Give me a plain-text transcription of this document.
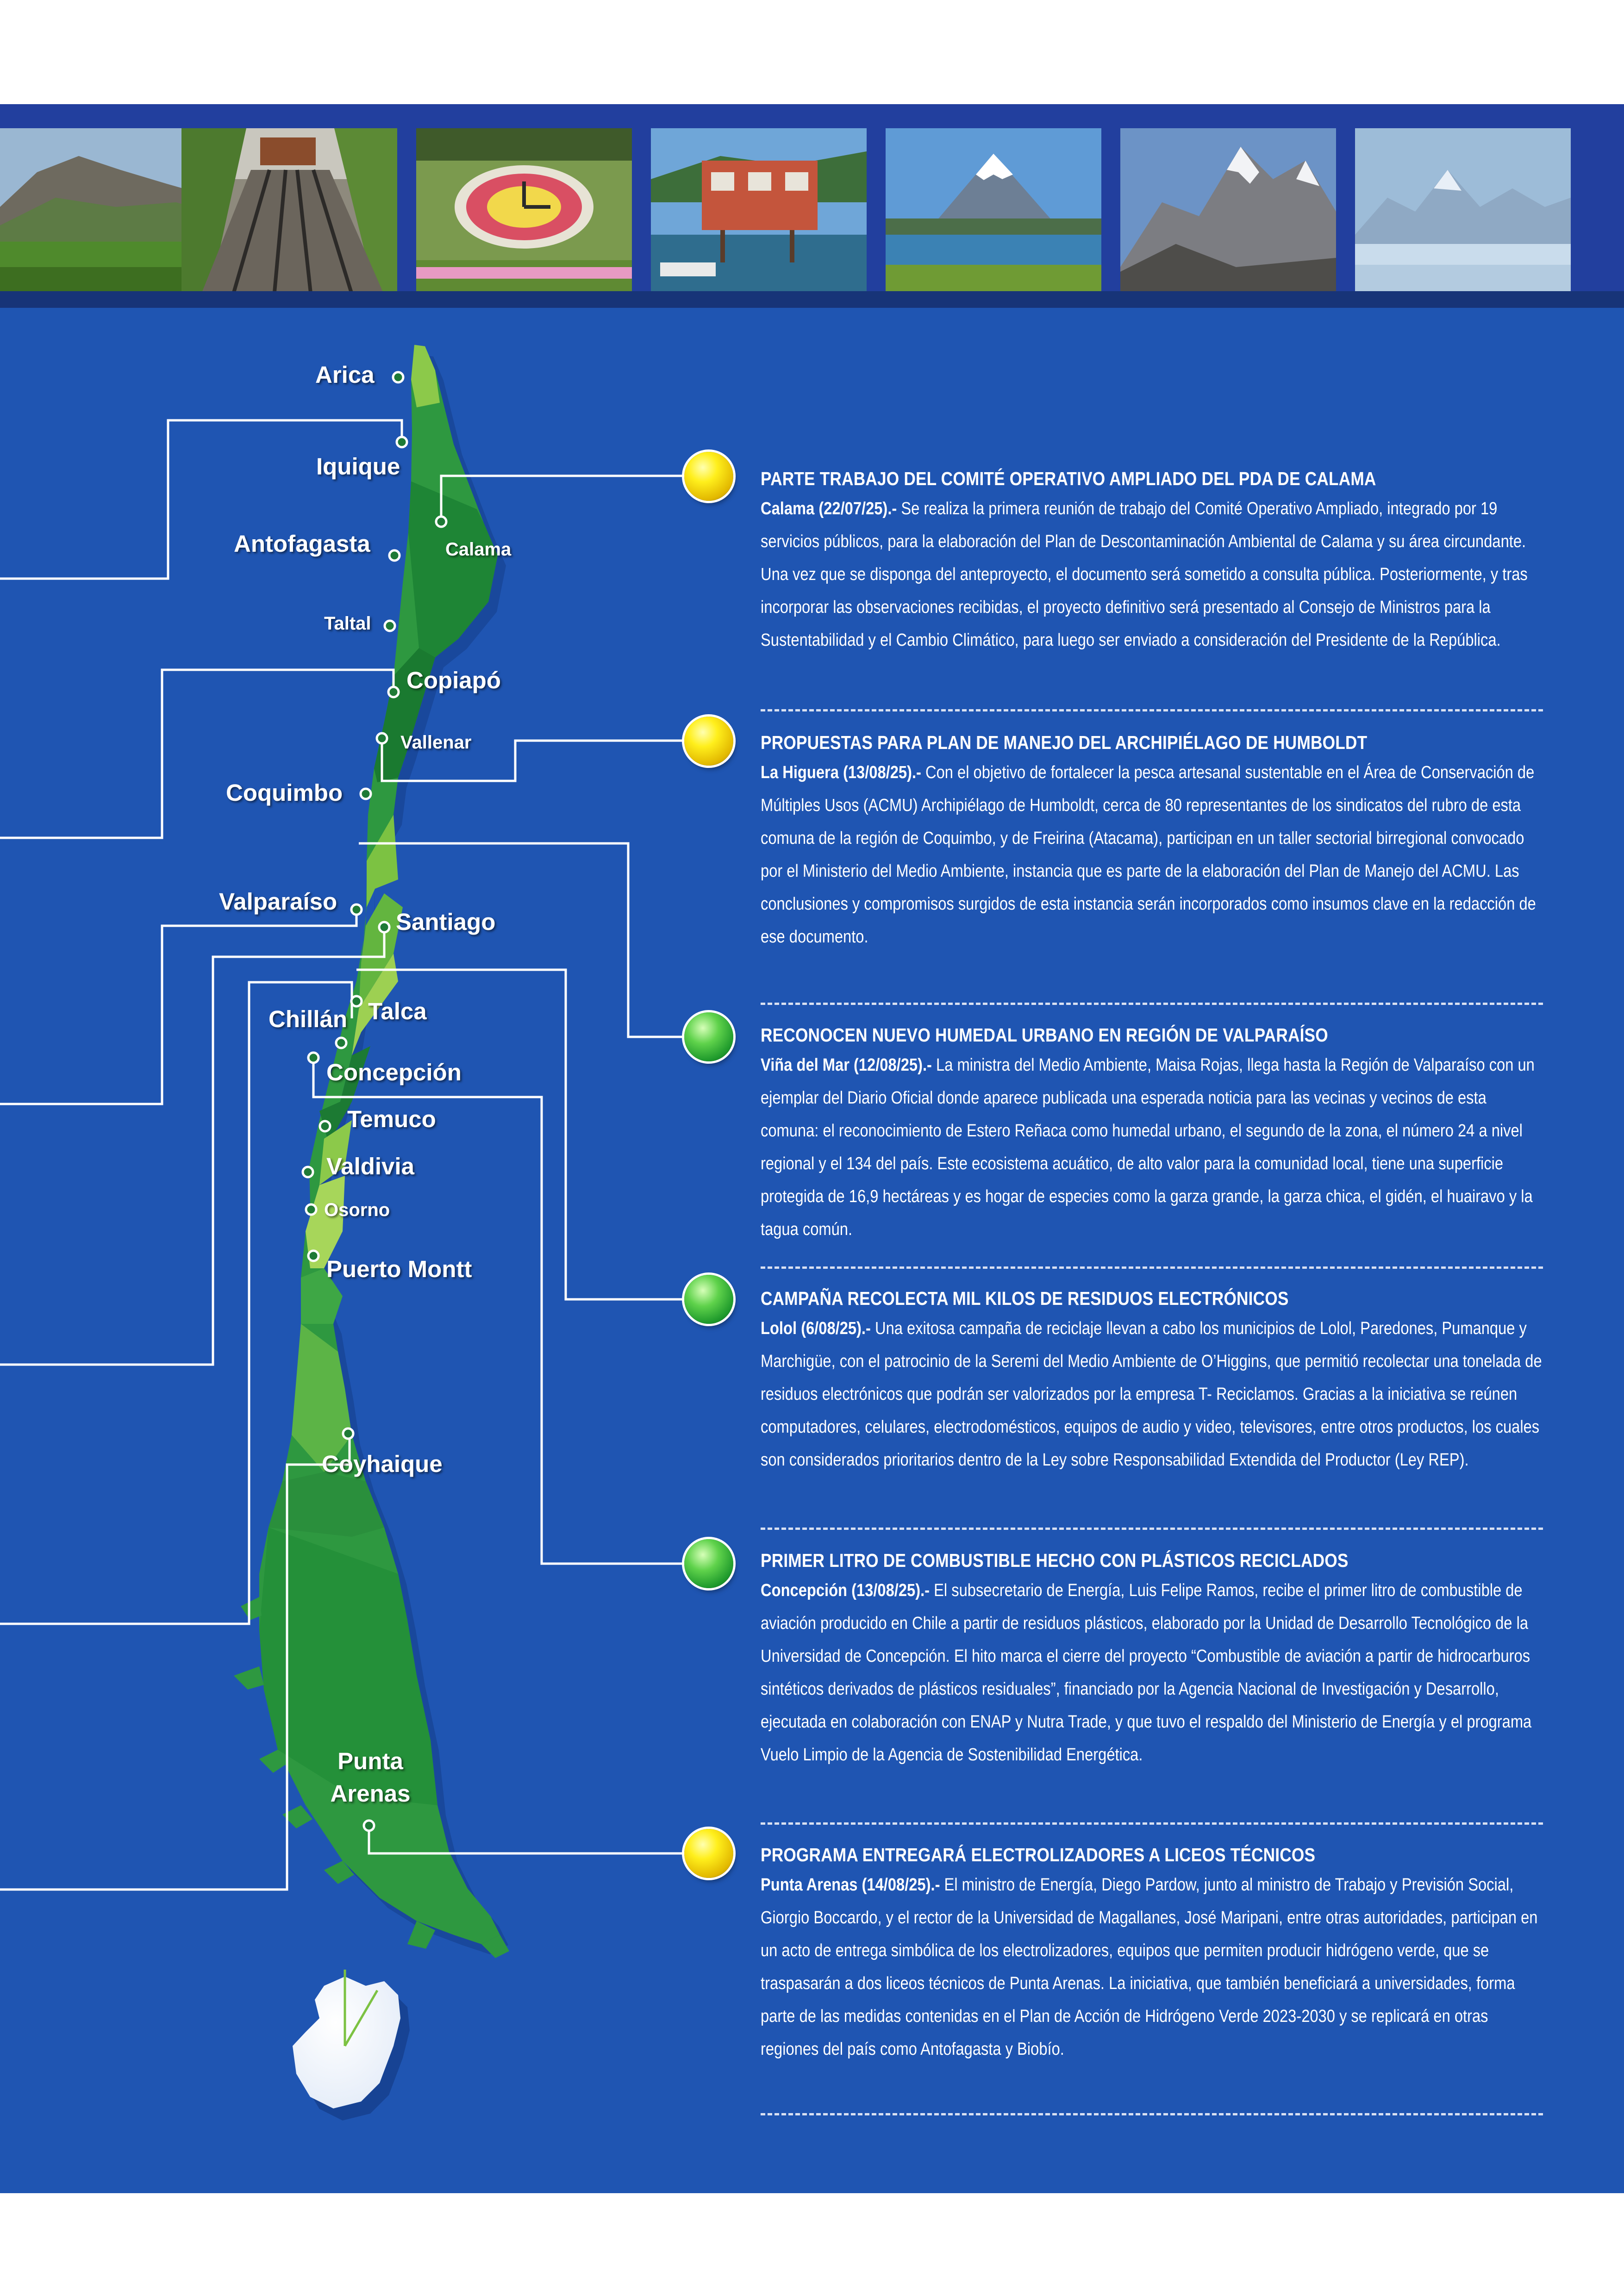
Arica
Iquique
Antofagasta	Calama
Taltal
Copiapó
Vallenar
Coquimbo
Valparaíso
Santiago
Chillán Talca
Concepción
Temuco
Valdivia
Osorno
Puerto Montt
Coyhaique
Punta Arenas

PARTE TRABAJO DEL COMITÉ OPERATIVO AMPLIADO DEL PDA DE CALAMA

Calama (22/07/25).- Se realiza la primera reunión de trabajo del Comité Operativo Ampliado, integrado por 19 servicios públicos, para la elaboración del Plan de Descontaminación Ambiental de Calama y su área circundante. Una vez que se disponga del anteproyecto, el documento será sometido a consulta pública. Posteriormente, y tras incorporar las observaciones recibidas, el proyecto definitivo será presentado al Consejo de Ministros para la Sustentabilidad y el Cambio Climático, para luego ser enviado a consideración del Presidente de la República.

PROPUESTAS PARA PLAN DE MANEJO DEL ARCHIPIÉLAGO DE HUMBOLDT

La Higuera (13/08/25).- Con el objetivo de fortalecer la pesca artesanal sustentable en el Área de Conservación de Múltiples Usos (ACMU) Archipiélago de Humboldt, cerca de 80 representantes de los sindicatos del rubro de esta comuna de la región de Coquimbo, y de Freirina (Atacama), participan en un taller sectorial birregional convocado por el Ministerio del Medio Ambiente, instancia que es parte de la elaboración del Plan de Manejo del ACMU. Las conclusiones y compromisos surgidos de esta instancia serán incorporados como insumos clave en la redacción de ese documento.

RECONOCEN NUEVO HUMEDAL URBANO EN REGIÓN DE VALPARAÍSO

Viña del Mar (12/08/25).- La ministra del Medio Ambiente, Maisa Rojas, llega hasta la Región de Valparaíso con un ejemplar del Diario Oficial donde aparece publicada una esperada noticia para las vecinas y vecinos de esta comuna: el reconocimiento de Estero Reñaca como humedal urbano, el segundo de la zona, el número 24 a nivel regional y el 134 del país. Este ecosistema acuático, de alto valor para la comunidad local, tiene una superficie protegida de 16,9 hectáreas y es hogar de especies como la garza grande, la garza chica, el gidén, el huairavo y la tagua común.

CAMPAÑA RECOLECTA MIL KILOS DE RESIDUOS ELECTRÓNICOS

Lolol (6/08/25).- Una exitosa campaña de reciclaje llevan a cabo los municipios de Lolol, Paredones, Pumanque y Marchigüe, con el patrocinio de la Seremi del Medio Ambiente de O’Higgins, que permitió recolectar una tonelada de residuos electrónicos que podrán ser valorizados por la empresa T- Reciclamos. Gracias a la iniciativa se reúnen computadores, celulares, electrodomésticos, equipos de audio y video, televisores, entre otros productos, los cuales son considerados prioritarios dentro de la Ley sobre Responsabilidad Extendida del Productor (Ley REP).

PRIMER LITRO DE COMBUSTIBLE HECHO CON PLÁSTICOS RECICLADOS

Concepción (13/08/25).- El subsecretario de Energía, Luis Felipe Ramos, recibe el primer litro de combustible de aviación producido en Chile a partir de residuos plásticos, elaborado por la Unidad de Desarrollo Tecnológico de la Universidad de Concepción. El hito marca el cierre del proyecto “Combustible de aviación a partir de hidrocarburos sintéticos derivados de plásticos residuales”, financiado por la Agencia Nacional de Investigación y Desarrollo, ejecutada en colaboración con ENAP y Nutra Trade, y que tuvo el respaldo del Ministerio de Energía y el programa Vuelo Limpio de la Agencia de Sostenibilidad Energética.

PROGRAMA ENTREGARÁ ELECTROLIZADORES A LICEOS TÉCNICOS

Punta Arenas (14/08/25).- El ministro de Energía, Diego Pardow, junto al ministro de Trabajo y Previsión Social, Giorgio Boccardo, y el rector de la Universidad de Magallanes, José Maripani, entre otras autoridades, participan en un acto de entrega simbólica de los electrolizadores, equipos que permiten producir hidrógeno verde, que se traspasarán a dos liceos técnicos de Punta Arenas. La iniciativa, que también beneficiará a universidades, forma parte de las medidas contenidas en el Plan de Acción de Hidrógeno Verde 2023-2030 y se replicará en otras regiones del país como Antofagasta y Biobío.
